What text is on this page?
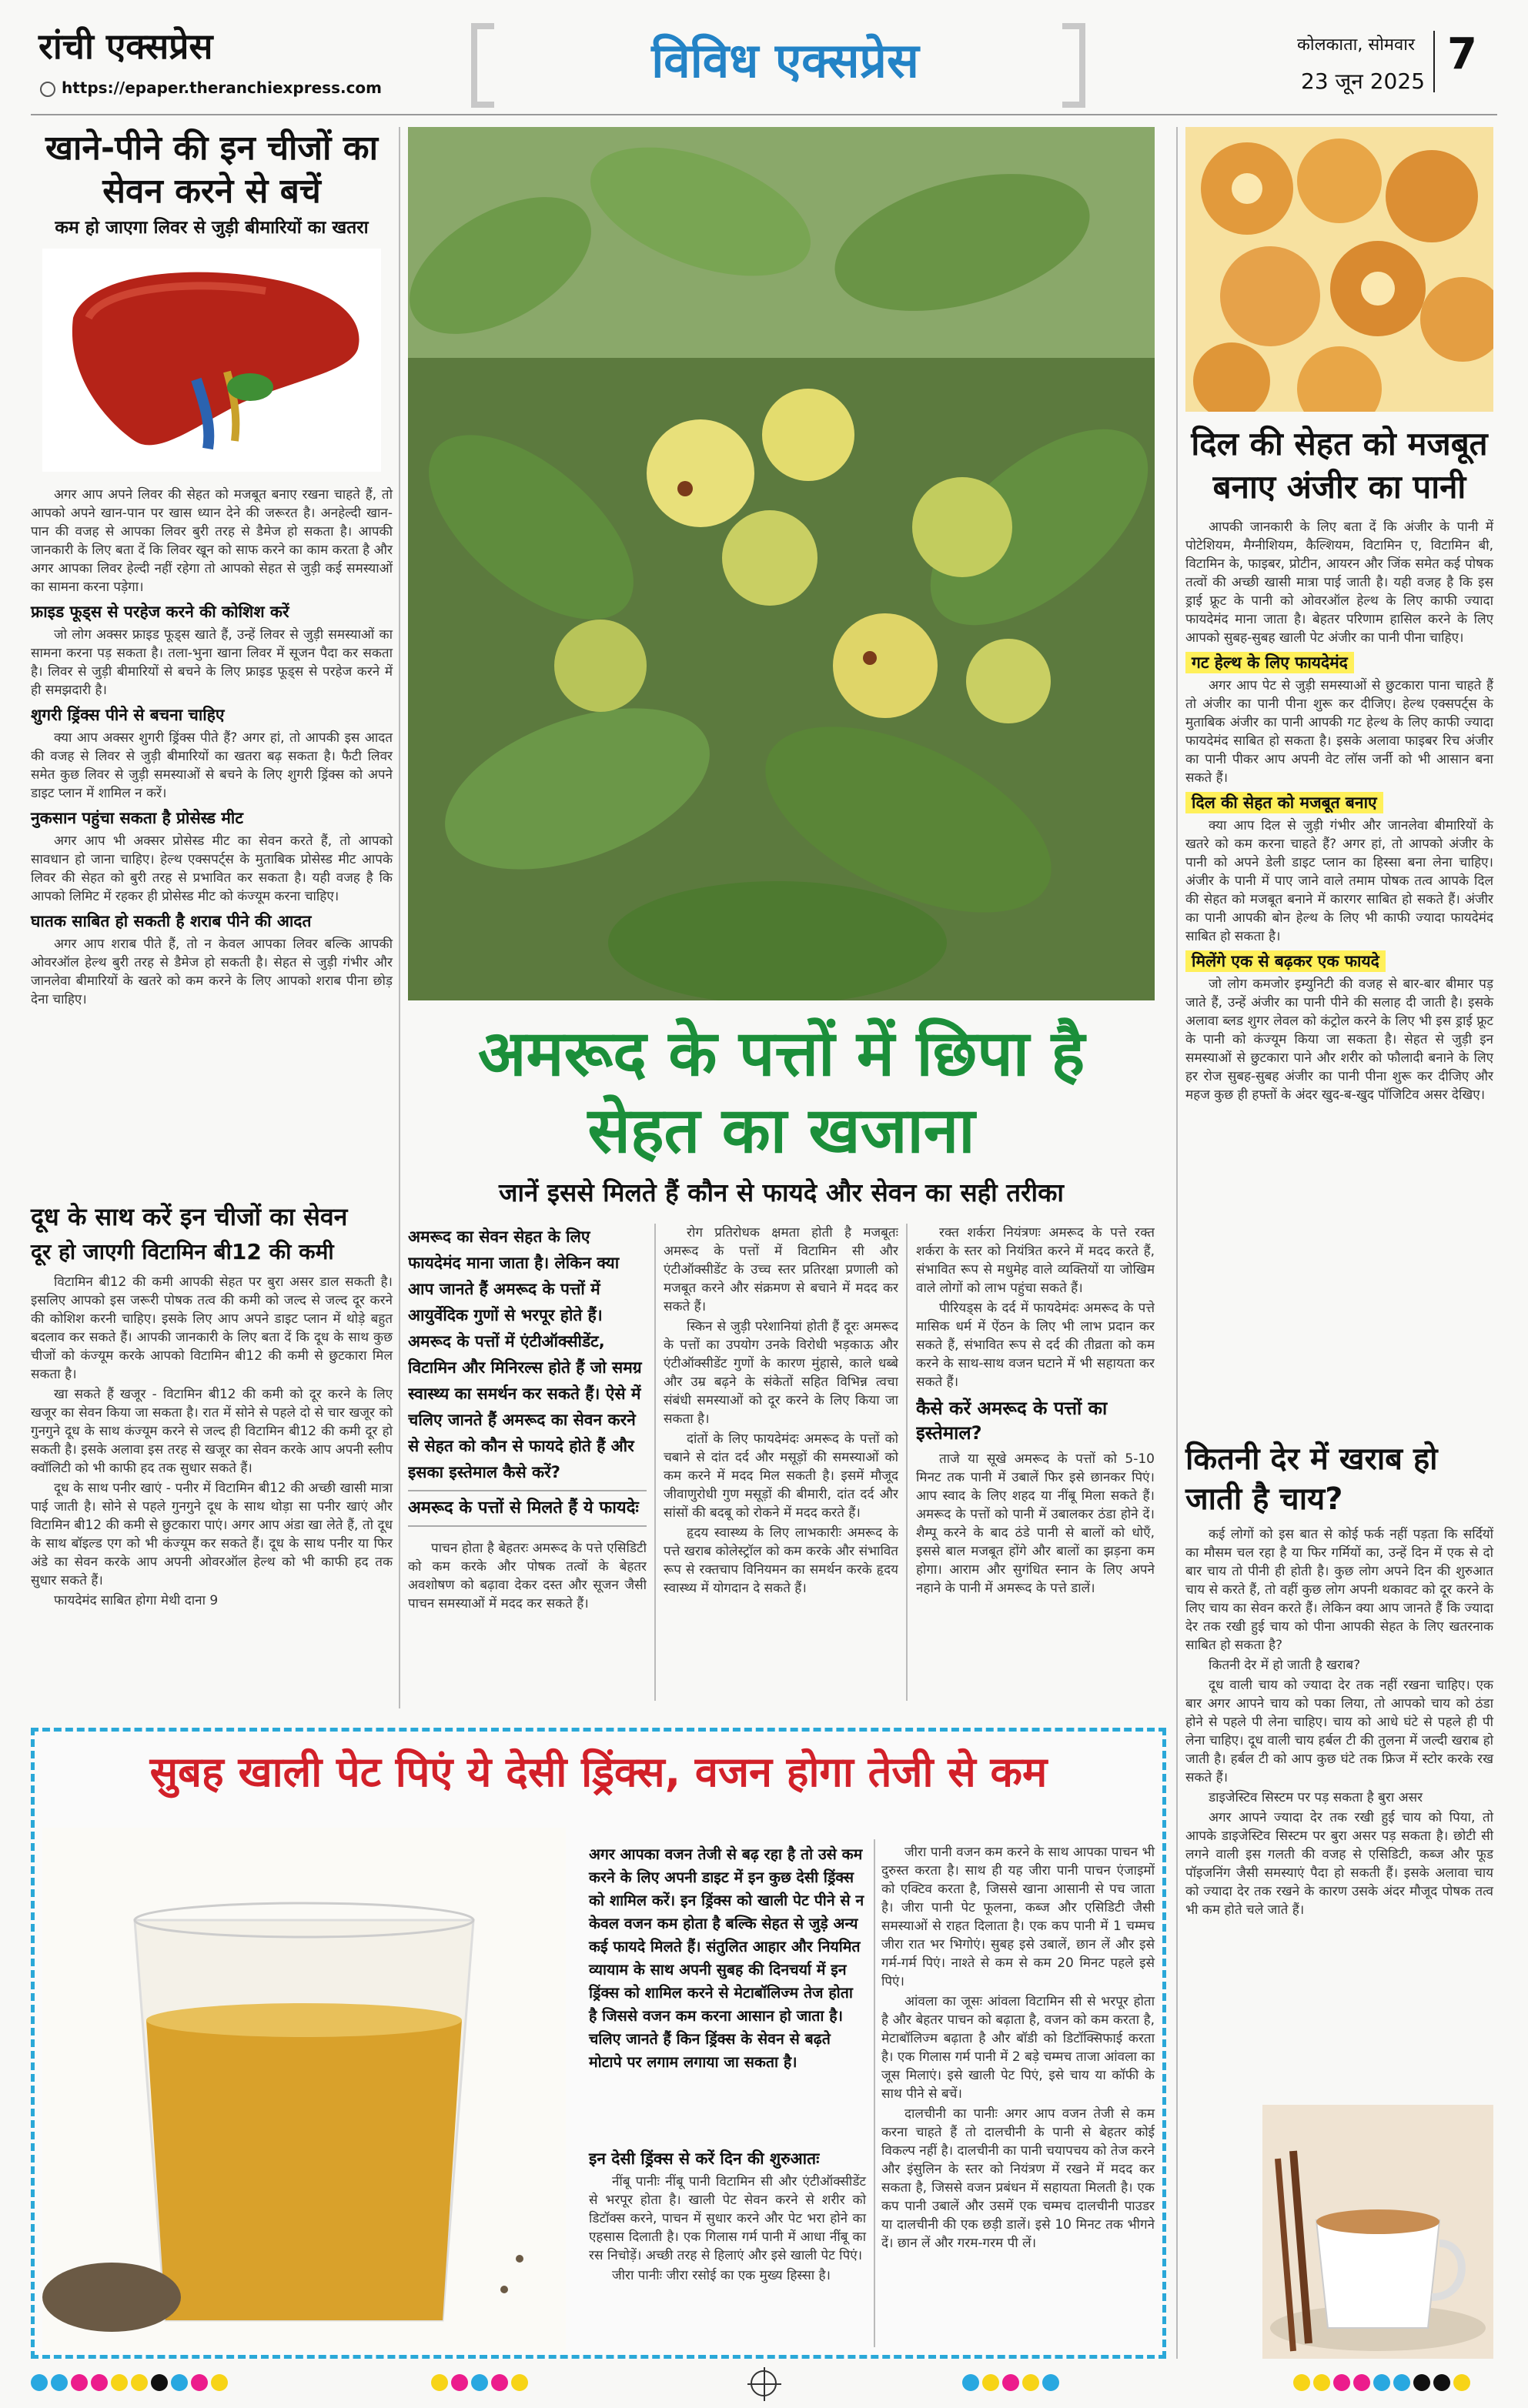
रांची एक्सप्रेस
https://epaper.theranchiexpress.com	विविध एक्सप्रेस	कोलकाता, सोमवार
23 जून 2025
7
खाने-पीने की इन चीजों का सेवन करने से बचें
कम हो जाएगा लिवर से जुड़ी बीमारियों का खतरा

अगर आप अपने लिवर की सेहत को मजबूत बनाए रखना चाहते हैं, तो आपको अपने खान-पान पर खास ध्यान देने की जरूरत है। अनहेल्दी खान-पान की वजह से आपका लिवर बुरी तरह से डैमेज हो सकता है। आपकी जानकारी के लिए बता दें कि लिवर खून को साफ करने का काम करता है और अगर आपका लिवर हेल्दी नहीं रहेगा तो आपको सेहत से जुड़ी कई समस्याओं का सामना करना पड़ेगा।

फ्राइड फूड्स से परहेज करने की कोशिश करें

जो लोग अक्सर फ्राइड फूड्स खाते हैं, उन्हें लिवर से जुड़ी समस्याओं का सामना करना पड़ सकता है। तला-भुना खाना लिवर में सूजन पैदा कर सकता है। लिवर से जुड़ी बीमारियों से बचने के लिए फ्राइड फूड्स से परहेज करने में ही समझदारी है।

शुगरी ड्रिंक्स पीने से बचना चाहिए

क्या आप अक्सर शुगरी ड्रिंक्स पीते हैं? अगर हां, तो आपकी इस आदत की वजह से लिवर से जुड़ी बीमारियों का खतरा बढ़ सकता है। फैटी लिवर समेत कुछ लिवर से जुड़ी समस्याओं से बचने के लिए शुगरी ड्रिंक्स को अपने डाइट प्लान में शामिल न करें।

नुकसान पहुंचा सकता है प्रोसेस्ड मीट

अगर आप भी अक्सर प्रोसेस्ड मीट का सेवन करते हैं, तो आपको सावधान हो जाना चाहिए। हेल्थ एक्सपर्ट्स के मुताबिक प्रोसेस्ड मीट आपके लिवर की सेहत को बुरी तरह से प्रभावित कर सकता है। यही वजह है कि आपको लिमिट में रहकर ही प्रोसेस्ड मीट को कंज्यूम करना चाहिए।

घातक साबित हो सकती है शराब पीने की आदत

अगर आप शराब पीते हैं, तो न केवल आपका लिवर बल्कि आपकी ओवरऑल हेल्थ बुरी तरह से डैमेज हो सकती है। सेहत से जुड़ी गंभीर और जानलेवा बीमारियों के खतरे को कम करने के लिए आपको शराब पीना छोड़ देना चाहिए।

दूध के साथ करें इन चीजों का सेवन
दूर हो जाएगी विटामिन बी12 की कमी

विटामिन बी12 की कमी आपकी सेहत पर बुरा असर डाल सकती है। इसलिए आपको इस जरूरी पोषक तत्व की कमी को जल्द से जल्द दूर करने की कोशिश करनी चाहिए। इसके लिए आप अपने डाइट प्लान में थोड़े बहुत बदलाव कर सकते हैं। आपकी जानकारी के लिए बता दें कि दूध के साथ कुछ चीजों को कंज्यूम करके आपको विटामिन बी12 की कमी से छुटकारा मिल सकता है।

खा सकते हैं खजूर - विटामिन बी12 की कमी को दूर करने के लिए खजूर का सेवन किया जा सकता है। रात में सोने से पहले दो से चार खजूर को गुनगुने दूध के साथ कंज्यूम करने से जल्द ही विटामिन बी12 की कमी दूर हो सकती है। इसके अलावा इस तरह से खजूर का सेवन करके आप अपनी स्लीप क्वॉलिटी को भी काफी हद तक सुधार सकते हैं।

दूध के साथ पनीर खाएं - पनीर में विटामिन बी12 की अच्छी खासी मात्रा पाई जाती है। सोने से पहले गुनगुने दूध के साथ थोड़ा सा पनीर खाएं और विटामिन बी12 की कमी से छुटकारा पाएं। अगर आप अंडा खा लेते हैं, तो दूध के साथ बॉइल्ड एग को भी कंज्यूम कर सकते हैं। दूध के साथ पनीर या फिर अंडे का सेवन करके आप अपनी ओवरऑल हेल्थ को भी काफी हद तक सुधार सकते हैं।

फायदेमंद साबित होगा मेथी दाना 9

अमरूद के पत्तों में छिपा है
सेहत का खजाना
जानें इससे मिलते हैं कौन से फायदे और सेवन का सही तरीका
अमरूद का सेवन सेहत के लिए फायदेमंद माना जाता है। लेकिन क्या आप जानते हैं अमरूद के पत्तों में आयुर्वेदिक गुणों से भरपूर होते हैं। अमरूद के पत्तों में एंटीऑक्सीडेंट, विटामिन और मिनिरल्स होते हैं जो समग्र स्वास्थ्य का समर्थन कर सकते हैं। ऐसे में चलिए जानते हैं अमरूद का सेवन करने से सेहत को कौन से फायदे होते हैं और इसका इस्तेमाल कैसे करें?
अमरूद के पत्तों से मिलते हैं ये फायदेः

पाचन होता है बेहतरः अमरूद के पत्ते एसिडिटी को कम करके और पोषक तत्वों के बेहतर अवशोषण को बढ़ावा देकर दस्त और सूजन जैसी पाचन समस्याओं में मदद कर सकते हैं।

रोग प्रतिरोधक क्षमता होती है मजबूतः अमरूद के पत्तों में विटामिन सी और एंटीऑक्सीडेंट के उच्च स्तर प्रतिरक्षा प्रणाली को मजबूत करने और संक्रमण से बचाने में मदद कर सकते हैं।

स्किन से जुड़ी परेशानियां होती हैं दूरः अमरूद के पत्तों का उपयोग उनके विरोधी भड़काऊ और एंटीऑक्सीडेंट गुणों के कारण मुंहासे, काले धब्बे और उम्र बढ़ने के संकेतों सहित विभिन्न त्वचा संबंधी समस्याओं को दूर करने के लिए किया जा सकता है।

दांतों के लिए फायदेमंदः अमरूद के पत्तों को चबाने से दांत दर्द और मसूड़ों की समस्याओं को कम करने में मदद मिल सकती है। इसमें मौजूद जीवाणुरोधी गुण मसूड़ों की बीमारी, दांत दर्द और सांसों की बदबू को रोकने में मदद करते हैं।

हृदय स्वास्थ्य के लिए लाभकारीः अमरूद के पत्ते खराब कोलेस्ट्रॉल को कम करके और संभावित रूप से रक्तचाप विनियमन का समर्थन करके हृदय स्वास्थ्य में योगदान दे सकते हैं।

रक्त शर्करा नियंत्रणः अमरूद के पत्ते रक्त शर्करा के स्तर को नियंत्रित करने में मदद करते हैं, संभावित रूप से मधुमेह वाले व्यक्तियों या जोखिम वाले लोगों को लाभ पहुंचा सकते हैं।

पीरियड्स के दर्द में फायदेमंदः अमरूद के पत्ते मासिक धर्म में ऐंठन के लिए भी लाभ प्रदान कर सकते हैं, संभावित रूप से दर्द की तीव्रता को कम करने के साथ-साथ वजन घटाने में भी सहायता कर सकते हैं।

कैसे करें अमरूद के पत्तों का इस्तेमाल?

ताजे या सूखे अमरूद के पत्तों को 5-10 मिनट तक पानी में उबालें फिर इसे छानकर पिएं। आप स्वाद के लिए शहद या नींबू मिला सकते हैं। अमरूद के पत्तों को पानी में उबालकर ठंडा होने दें। शैम्पू करने के बाद ठंडे पानी से बालों को धोएँ, इससे बाल मजबूत होंगे और बालों का झड़ना कम होगा। आराम और सुगंधित स्नान के लिए अपने नहाने के पानी में अमरूद के पत्ते डालें।

सुबह खाली पेट पिएं ये देसी ड्रिंक्स, वजन होगा तेजी से कम
अगर आपका वजन तेजी से बढ़ रहा है तो उसे कम करने के लिए अपनी डाइट में इन कुछ देसी ड्रिंक्स को शामिल करें। इन ड्रिंक्स को खाली पेट पीने से न केवल वजन कम होता है बल्कि सेहत से जुड़े अन्य कई फायदे मिलते हैं। संतुलित आहार और नियमित व्यायाम के साथ अपनी सुबह की दिनचर्या में इन ड्रिंक्स को शामिल करने से मेटाबॉलिज्म तेज होता है जिससे वजन कम करना आसान हो जाता है। चलिए जानते हैं किन ड्रिंक्स के सेवन से बढ़ते मोटापे पर लगाम लगाया जा सकता है।
इन देसी ड्रिंक्स से करें दिन की शुरुआतः

नींबू पानीः नींबू पानी विटामिन सी और एंटीऑक्सीडेंट से भरपूर होता है। खाली पेट सेवन करने से शरीर को डिटॉक्स करने, पाचन में सुधार करने और पेट भरा होने का एहसास दिलाती है। एक गिलास गर्म पानी में आधा नींबू का रस निचोड़ें। अच्छी तरह से हिलाएं और इसे खाली पेट पिएं।

जीरा पानीः जीरा रसोई का एक मुख्य हिस्सा है।

जीरा पानी वजन कम करने के साथ आपका पाचन भी दुरुस्त करता है। साथ ही यह जीरा पानी पाचन एंजाइमों को एक्टिव करता है, जिससे खाना आसानी से पच जाता है। जीरा पानी पेट फूलना, कब्ज और एसिडिटी जैसी समस्याओं से राहत दिलाता है। एक कप पानी में 1 चम्मच जीरा रात भर भिगोएं। सुबह इसे उबालें, छान लें और इसे गर्म-गर्म पिएं। नाश्ते से कम से कम 20 मिनट पहले इसे पिएं।

आंवला का जूसः आंवला विटामिन सी से भरपूर होता है और बेहतर पाचन को बढ़ाता है, वजन को कम करता है, मेटाबॉलिज्म बढ़ाता है और बॉडी को डिटॉक्सिफाई करता है। एक गिलास गर्म पानी में 2 बड़े चम्मच ताजा आंवला का जूस मिलाएं। इसे खाली पेट पिएं, इसे चाय या कॉफी के साथ पीने से बचें।

दालचीनी का पानीः अगर आप वजन तेजी से कम करना चाहते हैं तो दालचीनी के पानी से बेहतर कोई विकल्प नहीं है। दालचीनी का पानी चयापचय को तेज करने और इंसुलिन के स्तर को नियंत्रण में रखने में मदद कर सकता है, जिससे वजन प्रबंधन में सहायता मिलती है। एक कप पानी उबालें और उसमें एक चम्मच दालचीनी पाउडर या दालचीनी की एक छड़ी डालें। इसे 10 मिनट तक भीगने दें। छान लें और गरम-गरम पी लें।

दिल की सेहत को मजबूत बनाए अंजीर का पानी

आपकी जानकारी के लिए बता दें कि अंजीर के पानी में पोटेशियम, मैग्नीशियम, कैल्शियम, विटामिन ए, विटामिन बी, विटामिन के, फाइबर, प्रोटीन, आयरन और जिंक समेत कई पोषक तत्वों की अच्छी खासी मात्रा पाई जाती है। यही वजह है कि इस ड्राई फ्रूट के पानी को ओवरऑल हेल्थ के लिए काफी ज्यादा फायदेमंद माना जाता है। बेहतर परिणाम हासिल करने के लिए आपको सुबह-सुबह खाली पेट अंजीर का पानी पीना चाहिए।

गट हेल्थ के लिए फायदेमंद

अगर आप पेट से जुड़ी समस्याओं से छुटकारा पाना चाहते हैं तो अंजीर का पानी पीना शुरू कर दीजिए। हेल्थ एक्सपर्ट्स के मुताबिक अंजीर का पानी आपकी गट हेल्थ के लिए काफी ज्यादा फायदेमंद साबित हो सकता है। इसके अलावा फाइबर रिच अंजीर का पानी पीकर आप अपनी वेट लॉस जर्नी को भी आसान बना सकते हैं।

दिल की सेहत को मजबूत बनाए

क्या आप दिल से जुड़ी गंभीर और जानलेवा बीमारियों के खतरे को कम करना चाहते हैं? अगर हां, तो आपको अंजीर के पानी को अपने डेली डाइट प्लान का हिस्सा बना लेना चाहिए। अंजीर के पानी में पाए जाने वाले तमाम पोषक तत्व आपके दिल की सेहत को मजबूत बनाने में कारगर साबित हो सकते हैं। अंजीर का पानी आपकी बोन हेल्थ के लिए भी काफी ज्यादा फायदेमंद साबित हो सकता है।

मिलेंगे एक से बढ़कर एक फायदे

जो लोग कमजोर इम्युनिटी की वजह से बार-बार बीमार पड़ जाते हैं, उन्हें अंजीर का पानी पीने की सलाह दी जाती है। इसके अलावा ब्लड शुगर लेवल को कंट्रोल करने के लिए भी इस ड्राई फ्रूट के पानी को कंज्यूम किया जा सकता है। सेहत से जुड़ी इन समस्याओं से छुटकारा पाने और शरीर को फौलादी बनाने के लिए हर रोज सुबह-सुबह अंजीर का पानी पीना शुरू कर दीजिए और महज कुछ ही हफ्तों के अंदर खुद-ब-खुद पॉजिटिव असर देखिए।

कितनी देर में खराब हो जाती है चाय?

कई लोगों को इस बात से कोई फर्क नहीं पड़ता कि सर्दियों का मौसम चल रहा है या फिर गर्मियों का, उन्हें दिन में एक से दो बार चाय तो पीनी ही होती है। कुछ लोग अपने दिन की शुरुआत चाय से करते हैं, तो वहीं कुछ लोग अपनी थकावट को दूर करने के लिए चाय का सेवन करते हैं। लेकिन क्या आप जानते हैं कि ज्यादा देर तक रखी हुई चाय को पीना आपकी सेहत के लिए खतरनाक साबित हो सकता है?

कितनी देर में हो जाती है खराब?

दूध वाली चाय को ज्यादा देर तक नहीं रखना चाहिए। एक बार अगर आपने चाय को पका लिया, तो आपको चाय को ठंडा होने से पहले पी लेना चाहिए। चाय को आधे घंटे से पहले ही पी लेना चाहिए। दूध वाली चाय हर्बल टी की तुलना में जल्दी खराब हो जाती है। हर्बल टी को आप कुछ घंटे तक फ्रिज में स्टोर करके रख सकते हैं।

डाइजेस्टिव सिस्टम पर पड़ सकता है बुरा असर

अगर आपने ज्यादा देर तक रखी हुई चाय को पिया, तो आपके डाइजेस्टिव सिस्टम पर बुरा असर पड़ सकता है। छोटी सी लगने वाली इस गलती की वजह से एसिडिटी, कब्ज और फूड पॉइजनिंग जैसी समस्याएं पैदा हो सकती हैं। इसके अलावा चाय को ज्यादा देर तक रखने के कारण उसके अंदर मौजूद पोषक तत्व भी कम होते चले जाते हैं।
